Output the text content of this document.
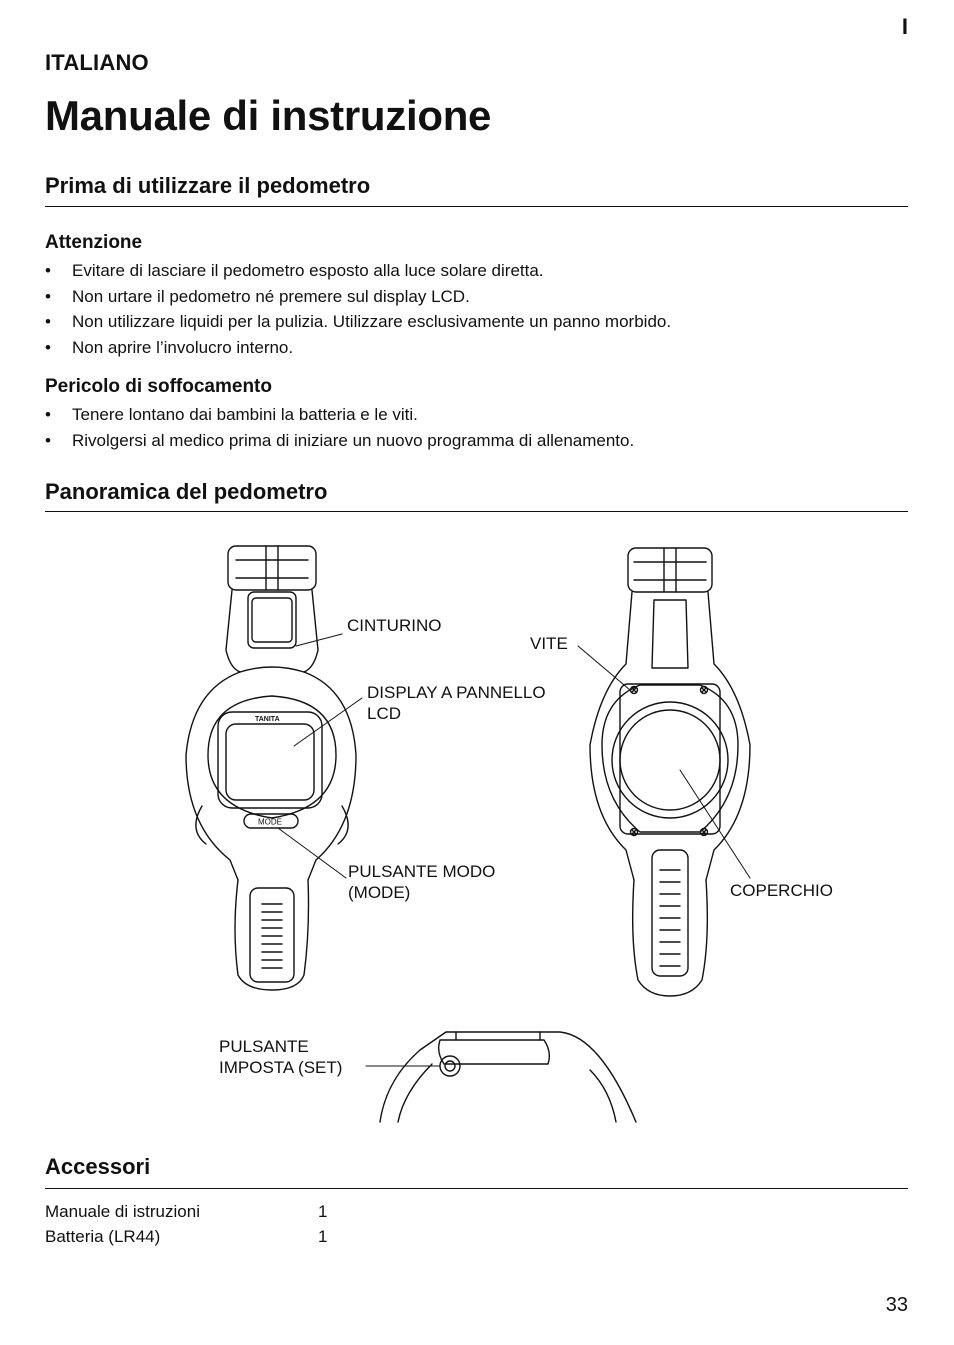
I
ITALIANO
Manuale di instruzione
Prima di utilizzare il pedometro
Attenzione
• Evitare di lasciare il pedometro esposto alla luce solare diretta.
• Non urtare il pedometro né premere sul display LCD.
• Non utilizzare liquidi per la pulizia. Utilizzare esclusivamente un panno morbido.
• Non aprire l’involucro interno.
Pericolo di soffocamento
• Tenere lontano dai bambini la batteria e le viti.
• Rivolgersi al medico prima di iniziare un nuovo programma di allenamento.
Panoramica del pedometro
TANITA
MODE
CINTURINO
DISPLAY A PANNELLO
LCD
PULSANTE MODO
(MODE)
VITE
COPERCHIO
PULSANTE
IMPOSTA (SET)
Accessori
Manuale di istruzioni	1
Batteria (LR44)	1
33
